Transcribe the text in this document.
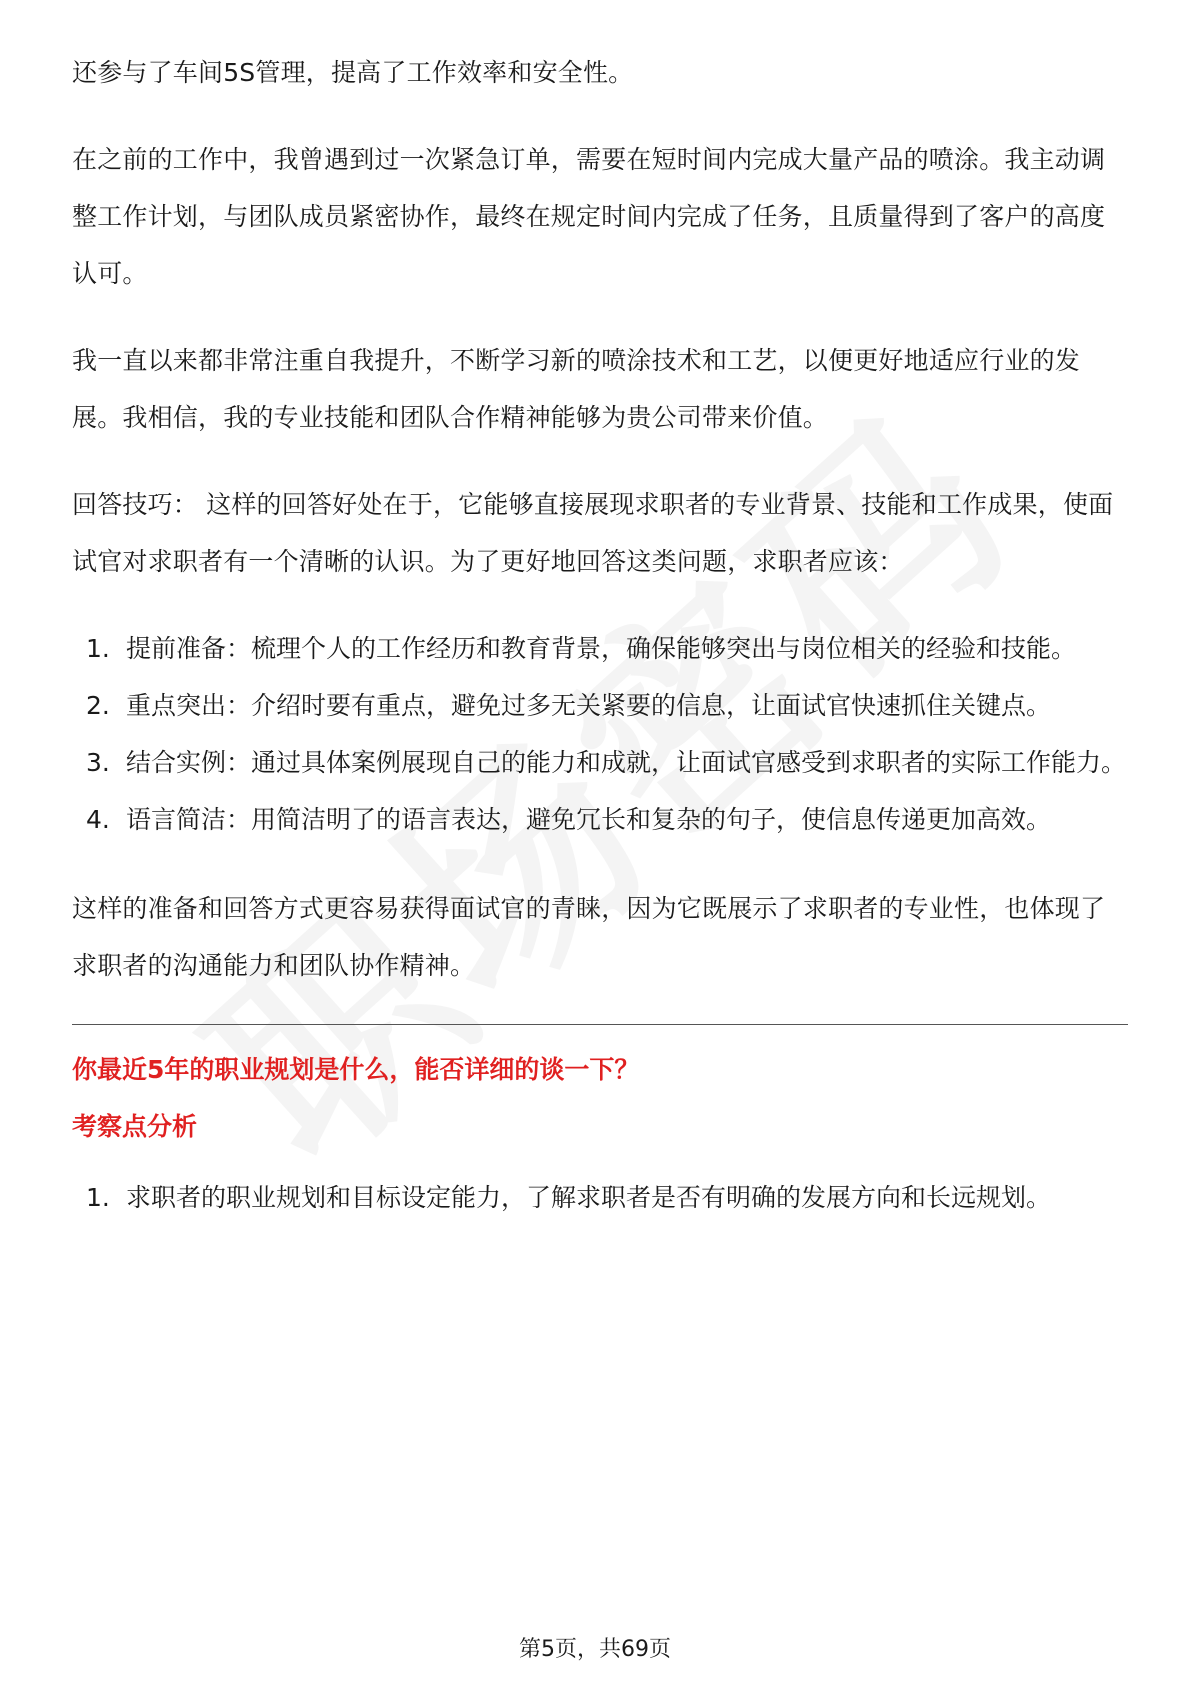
还参与了车间5S管理，提高了工作效率和安全性。

在之前的工作中，我曾遇到过一次紧急订单，需要在短时间内完成大量产品的喷涂。我主动调整工作计划，与团队成员紧密协作，最终在规定时间内完成了任务，且质量得到了客户的高度认可。

我一直以来都非常注重自我提升，不断学习新的喷涂技术和工艺，以便更好地适应行业的发展。我相信，我的专业技能和团队合作精神能够为贵公司带来价值。

回答技巧： 这样的回答好处在于，它能够直接展现求职者的专业背景、技能和工作成果，使面试官对求职者有一个清晰的认识。为了更好地回答这类问题，求职者应该：

1. 提前准备：梳理个人的工作经历和教育背景，确保能够突出与岗位相关的经验和技能。
2. 重点突出：介绍时要有重点，避免过多无关紧要的信息，让面试官快速抓住关键点。
3. 结合实例：通过具体案例展现自己的能力和成就，让面试官感受到求职者的实际工作能力。
4. 语言简洁：用简洁明了的语言表达，避免冗长和复杂的句子，使信息传递更加高效。

这样的准备和回答方式更容易获得面试官的青睐，因为它既展示了求职者的专业性，也体现了求职者的沟通能力和团队协作精神。

你最近5年的职业规划是什么，能否详细的谈一下？
考察点分析
1. 求职者的职业规划和目标设定能力，了解求职者是否有明确的发展方向和长远规划。
第5页，共69页
